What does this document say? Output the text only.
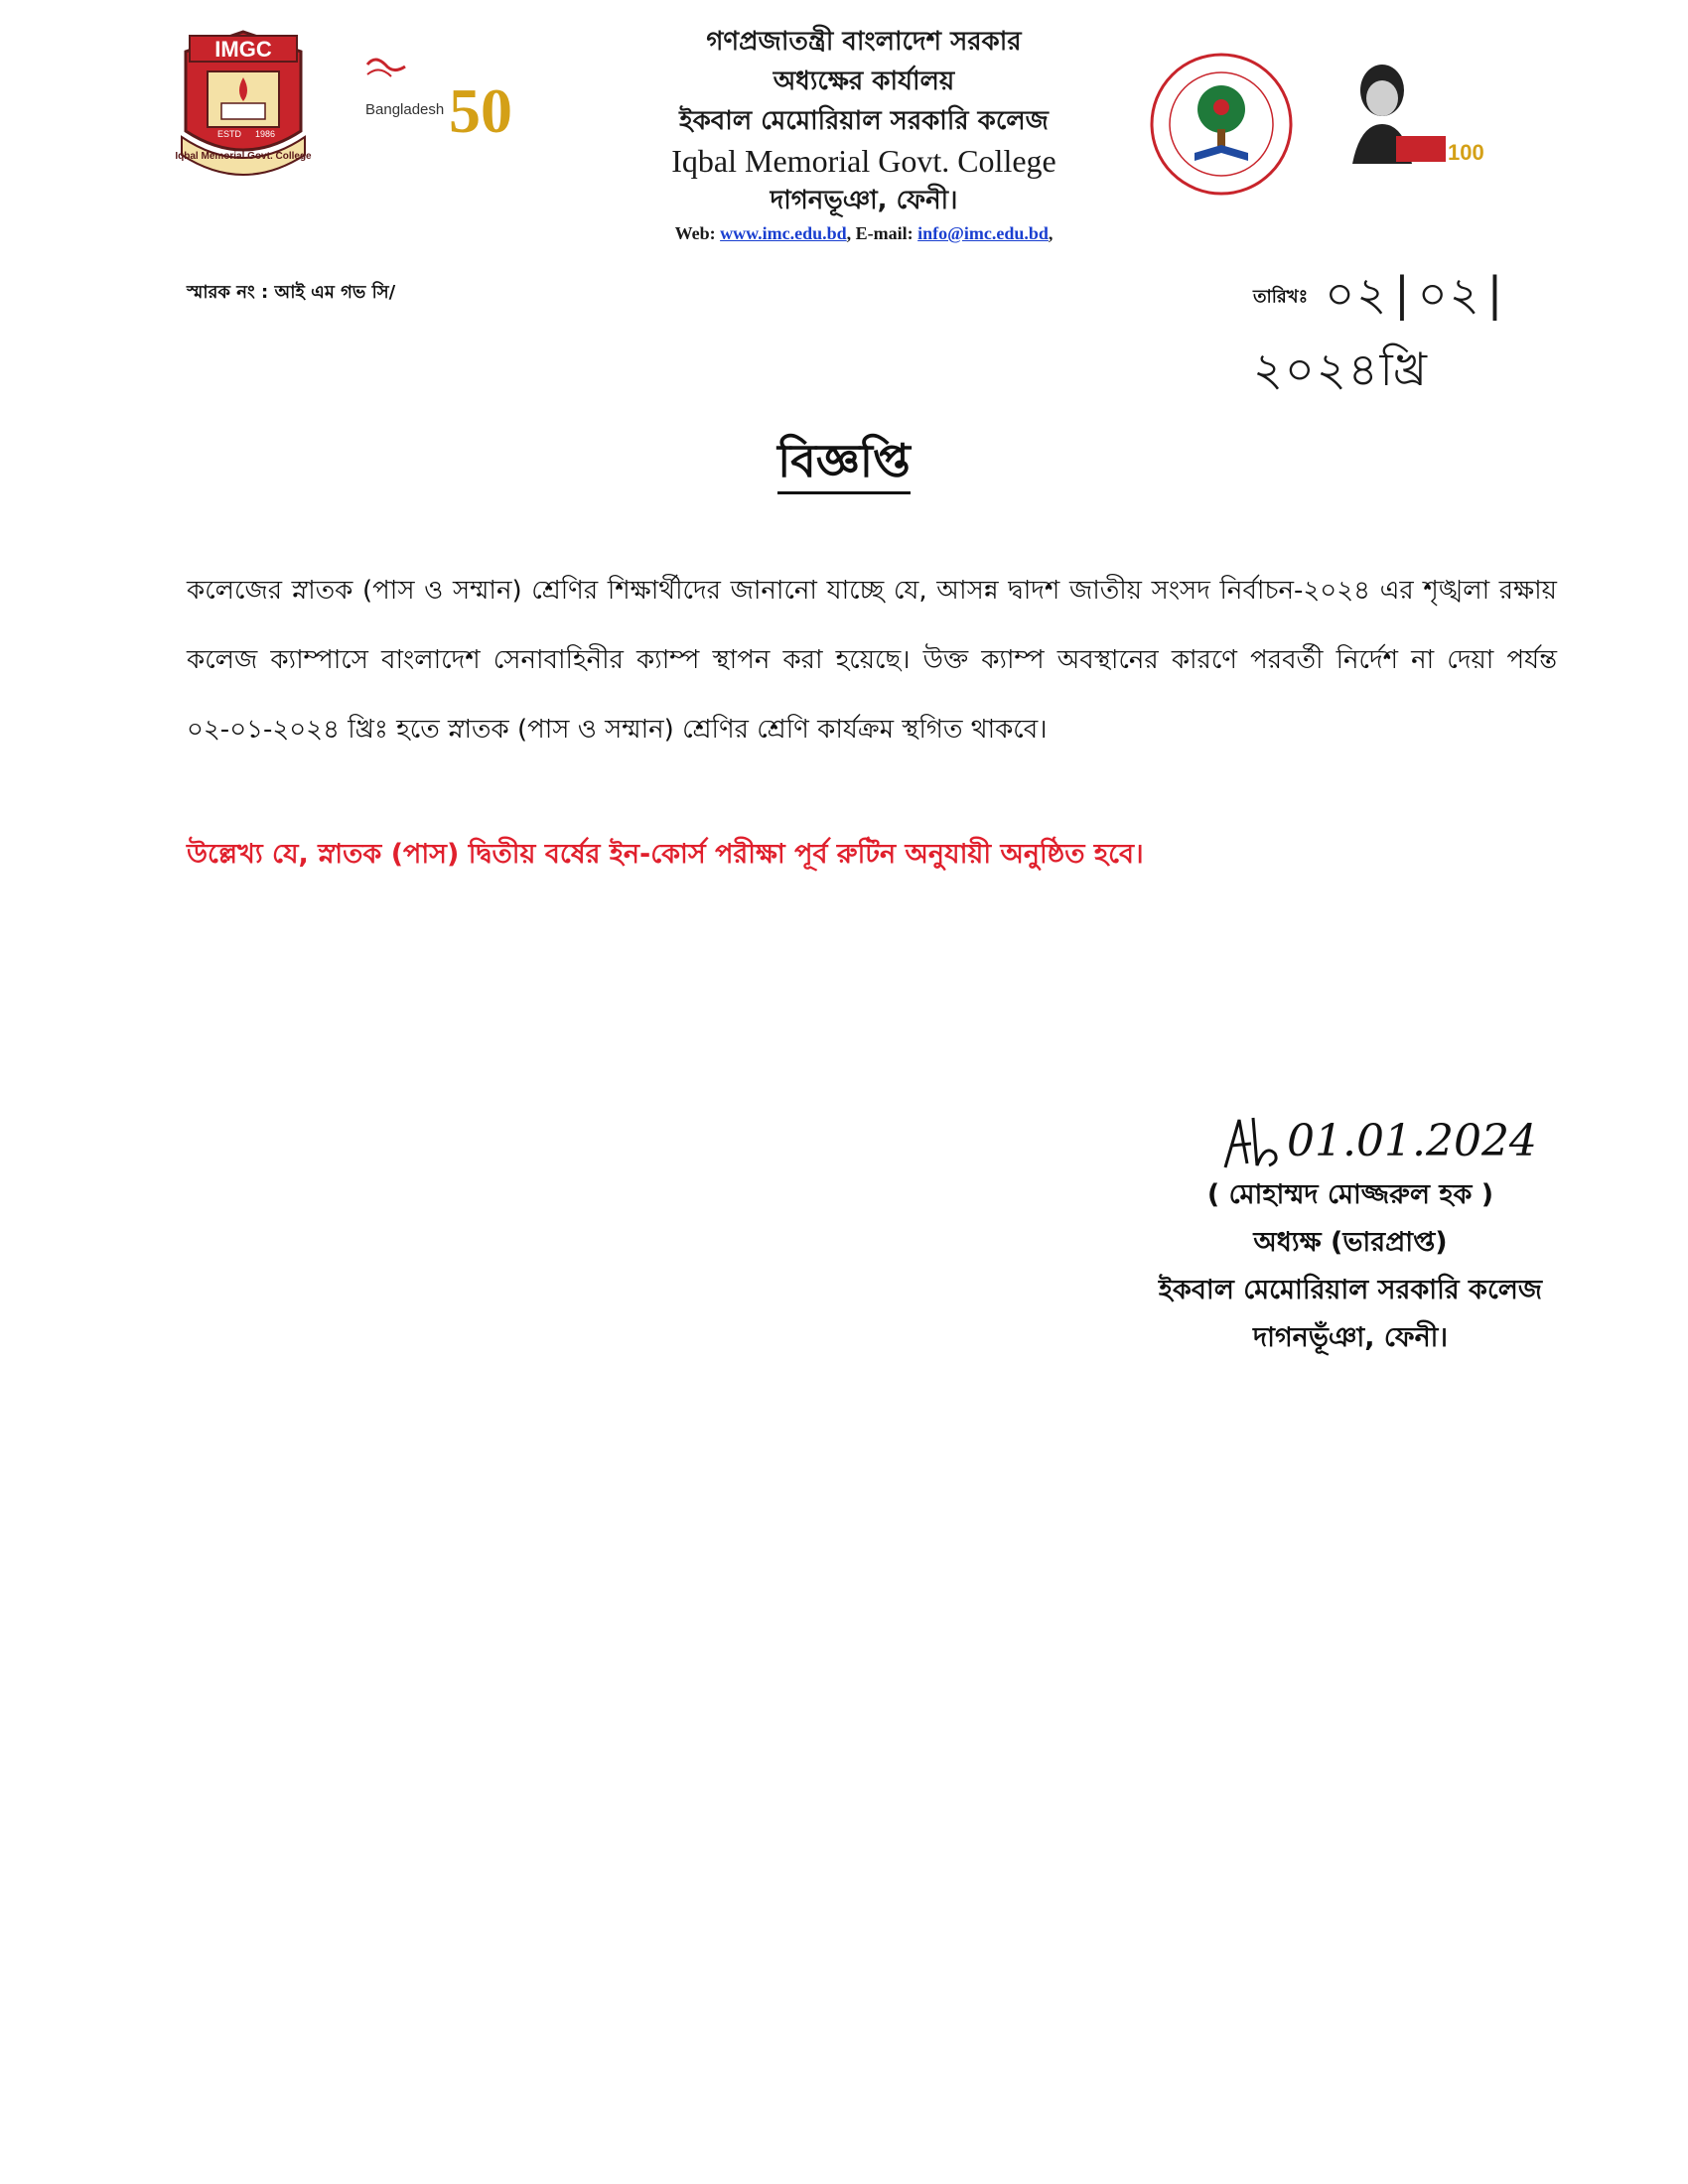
IMGC
ESTD 1986
Iqbal Memorial Govt. College
Bangladesh 50
গণপ্রজাতন্ত্রী বাংলাদেশ সরকার
অধ্যক্ষের কার্যালয়
ইকবাল মেমোরিয়াল সরকারি কলেজ
Iqbal Memorial Govt. College
দাগনভূঞা, ফেনী।
Web: www.imc.edu.bd, E-mail: info@imc.edu.bd,
100
স্মারক নং : আই এম গভ সি/	তারিখঃ ০২|০২|২০২৪খ্রি
বিজ্ঞপ্তি
কলেজের স্নাতক (পাস ও সম্মান) শ্রেণির শিক্ষার্থীদের জানানো যাচ্ছে যে, আসন্ন দ্বাদশ জাতীয় সংসদ নির্বাচন-২০২৪ এর শৃঙ্খলা রক্ষায় কলেজ ক্যাম্পাসে বাংলাদেশ সেনাবাহিনীর ক্যাম্প স্থাপন করা হয়েছে। উক্ত ক্যাম্প অবস্থানের কারণে পরবর্তী নির্দেশ না দেয়া পর্যন্ত ০২-০১-২০২৪ খ্রিঃ হতে স্নাতক (পাস ও সম্মান) শ্রেণির শ্রেণি কার্যক্রম স্থগিত থাকবে।
উল্লেখ্য যে, স্নাতক (পাস) দ্বিতীয় বর্ষের ইন-কোর্স পরীক্ষা পূর্ব রুটিন অনুযায়ী অনুষ্ঠিত হবে।
01.01.2024
( মোহাম্মদ মোজ্জরুল হক )
অধ্যক্ষ (ভারপ্রাপ্ত)
ইকবাল মেমোরিয়াল সরকারি কলেজ
দাগনভূঁঞা, ফেনী।
